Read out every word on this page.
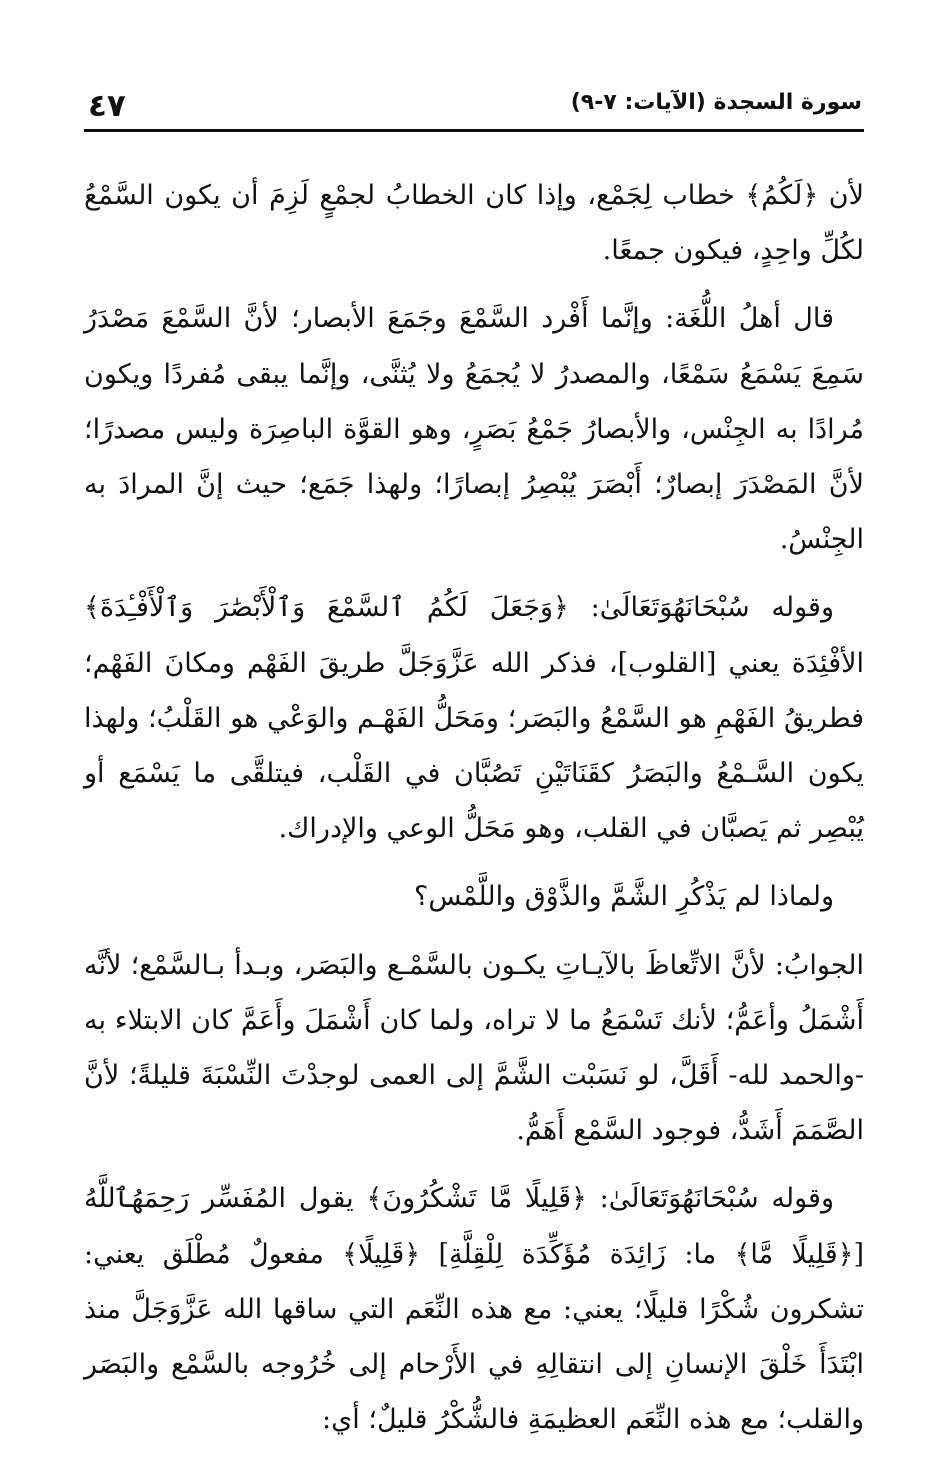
٤٧	سورة السجدة (الآيات: ٧-٩)

لأن ﴿لَكُمُ﴾ خطاب لِجَمْع، وإذا كان الخطابُ لجمْعٍ لَزِمَ أن يكون السَّمْعُ لكُلِّ واحِدٍ، فيكون جمعًا.

قال أهلُ اللُّغَة: وإنَّما أَفْرد السَّمْعَ وجَمَعَ الأبصار؛ لأنَّ السَّمْعَ مَصْدَرُ سَمِعَ يَسْمَعُ سَمْعًا، والمصدرُ لا يُجمَعُ ولا يُثنَّى، وإنَّما يبقى مُفردًا ويكون مُرادًا به الجِنْس، والأبصارُ جَمْعُ بَصَرٍ، وهو القوَّة الباصِرَة وليس مصدرًا؛ لأنَّ المَصْدَرَ إبصارٌ؛ أَبْصَرَ يُبْصِرُ إبصارًا؛ ولهذا جَمَع؛ حيث إنَّ المرادَ به الجِنْسُ.

وقوله سُبْحَانَهُوَتَعَالَىٰ: ﴿وَجَعَلَ لَكُمُ ٱلسَّمْعَ وَٱلْأَبْصَٰرَ وَٱلْأَفْـِٔدَةَ﴾ الأفْئِدَة يعني [القلوب]، فذكر الله عَزَّوَجَلَّ طريقَ الفَهْم ومكانَ الفَهْم؛ فطريقُ الفَهْمِ هو السَّمْعُ والبَصَر؛ ومَحَلُّ الفَهْـم والوَعْي هو القَلْبُ؛ ولهذا يكون السَّـمْعُ والبَصَرُ كقَنَاتَيْنِ تَصُبَّان في القَلْب، فيتلقَّى ما يَسْمَع أو يُبْصِر ثم يَصبَّان في القلب، وهو مَحَلُّ الوعي والإدراك.

ولماذا لم يَذْكُرِ الشَّمَّ والذَّوْق واللَّمْس؟

الجوابُ: لأنَّ الاتِّعاظَ بالآيـاتِ يكـون بالسَّمْـع والبَصَر، وبـدأ بـالسَّمْع؛ لأنَّه أَشْمَلُ وأعَمُّ؛ لأنك تَسْمَعُ ما لا تراه، ولما كان أَشْمَلَ وأَعَمَّ كان الابتلاء به -والحمد لله- أَقَلَّ، لو نَسَبْت الشَّمَّ إلى العمى لوجدْتَ النِّسْبَةَ قليلةً؛ لأنَّ الصَّمَمَ أَشَدُّ، فوجود السَّمْع أَهَمُّ.

وقوله سُبْحَانَهُوَتَعَالَىٰ: ﴿قَلِيلًا مَّا تَشْكُرُونَ﴾ يقول المُفَسِّر رَحِمَهُٱللَّهُ [﴿قَلِيلًا مَّا﴾ ما: زَائِدَة مُؤَكِّدَة لِلْقِلَّةِ] ﴿قَلِيلًا﴾ مفعولٌ مُطْلَق يعني: تشكرون شُكْرًا قليلًا؛ يعني: مع هذه النِّعَم التي ساقها الله عَزَّوَجَلَّ منذ ابْتَدَأَ خَلْقَ الإنسانِ إلى انتقالِهِ في الأَرْحام إلى خُرُوجه بالسَّمْع والبَصَر والقلب؛ مع هذه النِّعَم العظيمَةِ فالشُّكْرُ قليلٌ؛ أي:
